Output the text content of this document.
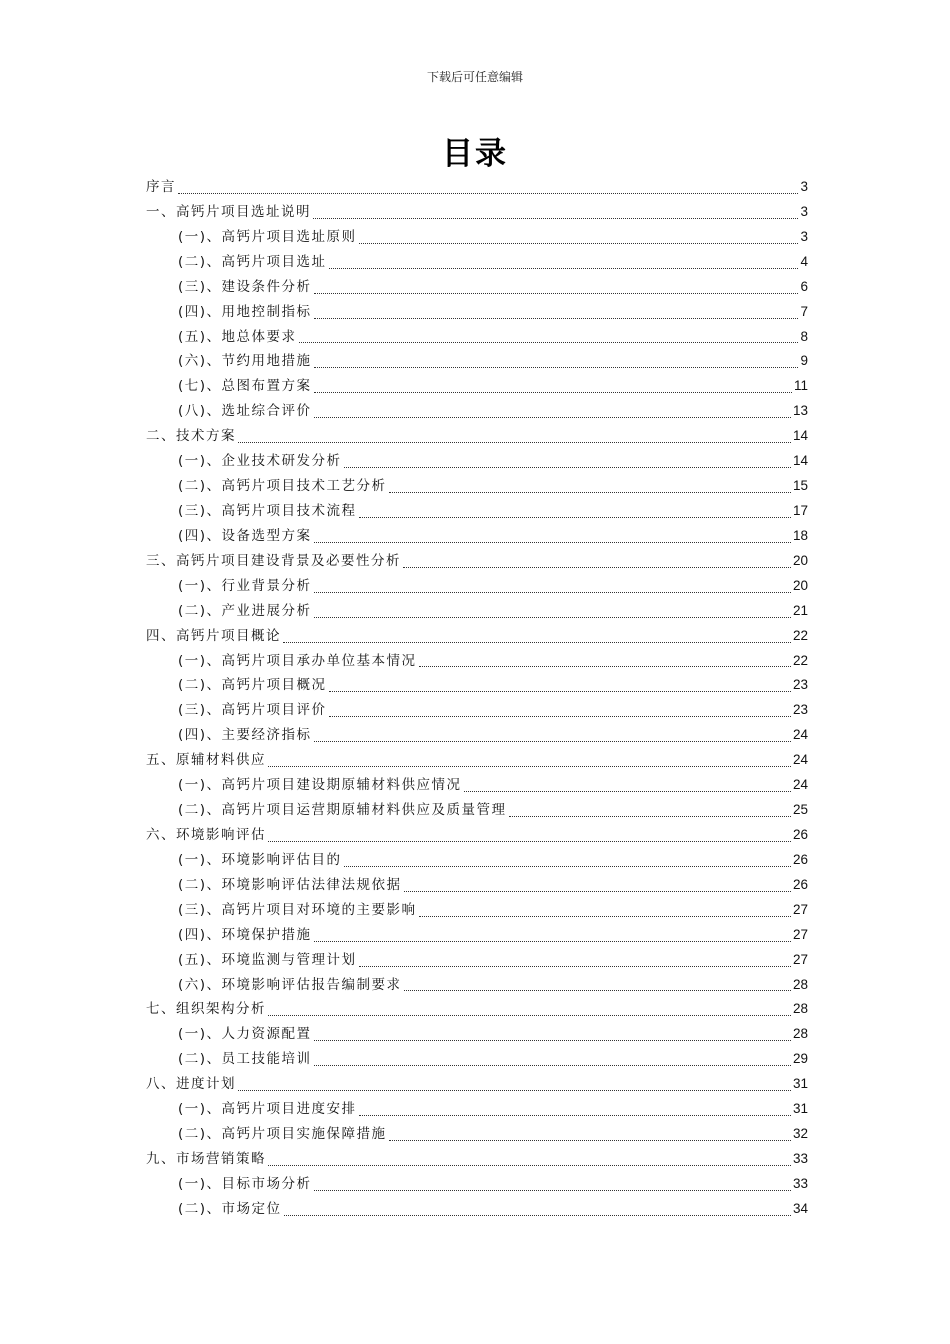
下载后可任意编辑
目录
序言	3
一、高钙片项目选址说明	3
(一)、高钙片项目选址原则	3
(二)、高钙片项目选址	4
(三)、建设条件分析	6
(四)、用地控制指标	7
(五)、地总体要求	8
(六)、节约用地措施	9
(七)、总图布置方案	11
(八)、选址综合评价	13
二、技术方案	14
(一)、企业技术研发分析	14
(二)、高钙片项目技术工艺分析	15
(三)、高钙片项目技术流程	17
(四)、设备选型方案	18
三、高钙片项目建设背景及必要性分析	20
(一)、行业背景分析	20
(二)、产业进展分析	21
四、高钙片项目概论	22
(一)、高钙片项目承办单位基本情况	22
(二)、高钙片项目概况	23
(三)、高钙片项目评价	23
(四)、主要经济指标	24
五、原辅材料供应	24
(一)、高钙片项目建设期原辅材料供应情况	24
(二)、高钙片项目运营期原辅材料供应及质量管理	25
六、环境影响评估	26
(一)、环境影响评估目的	26
(二)、环境影响评估法律法规依据	26
(三)、高钙片项目对环境的主要影响	27
(四)、环境保护措施	27
(五)、环境监测与管理计划	27
(六)、环境影响评估报告编制要求	28
七、组织架构分析	28
(一)、人力资源配置	28
(二)、员工技能培训	29
八、进度计划	31
(一)、高钙片项目进度安排	31
(二)、高钙片项目实施保障措施	32
九、市场营销策略	33
(一)、目标市场分析	33
(二)、市场定位	34
